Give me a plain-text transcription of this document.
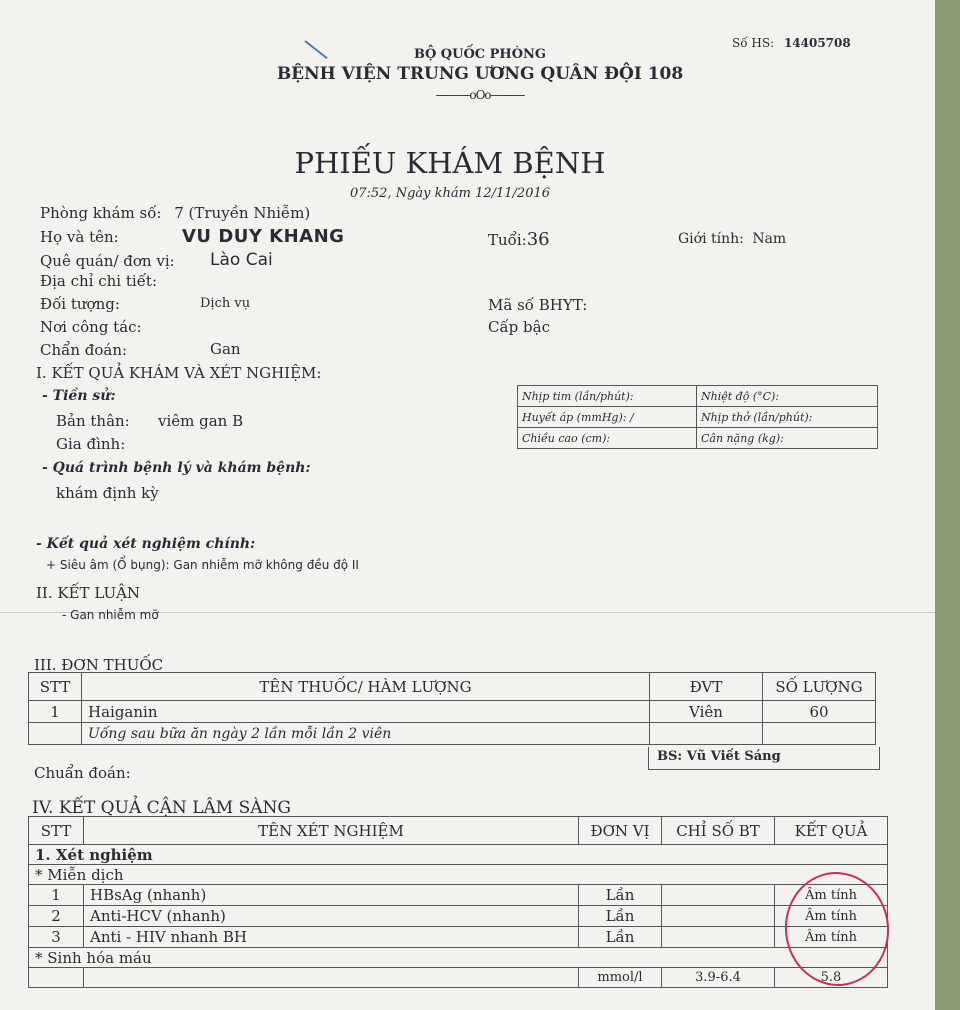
BỘ QUỐC PHÒNG
BỆNH VIỆN TRUNG ƯƠNG QUÂN ĐỘI 108
-----------oOo-----------
Số HS: 14405708
PHIẾU KHÁM BỆNH
07:52, Ngày khám 12/11/2016
Phòng khám số: 7 (Truyền Nhiễm)
Họ và tên:	VU DUY KHANG	Tuổi:36	Giới tính: Nam
Quê quán/ đơn vị: Lào Cai
Địa chỉ chi tiết:
Đối tượng:	Dịch vụ	Mã số BHYT:
Nơi công tác:	Cấp bậc
Chẩn đoán:	Gan
I. KẾT QUẢ KHÁM VÀ XÉT NGHIỆM:
- Tiền sử:
Bản thân: viêm gan B
Gia đình:
- Quá trình bệnh lý và khám bệnh:
khám định kỳ
Nhịp tim (lần/phút):	Nhiệt độ (°C):
Huyết áp (mmHg): /	Nhịp thở (lần/phút):
Chiều cao (cm):	Cân nặng (kg):
- Kết quả xét nghiệm chính:
+ Siêu âm (Ổ bụng): Gan nhiễm mỡ không đều độ II
II. KẾT LUẬN
- Gan nhiễm mỡ
III. ĐƠN THUỐC
STT	TÊN THUỐC/ HÀM LƯỢNG	ĐVT	SỐ LƯỢNG
1	Haiganin	Viên	60
	Uống sau bữa ăn ngày 2 lần mỗi lần 2 viên		
Chuẩn đoán:
BS: Vũ Viết Sáng
IV. KẾT QUẢ CẬN LÂM SÀNG
STT	TÊN XÉT NGHIỆM	ĐƠN VỊ	CHỈ SỐ BT	KẾT QUẢ
1. Xét nghiệm				
* Miễn dịch				
1	HBsAg (nhanh)	Lần		Âm tính
2	Anti-HCV (nhanh)	Lần		Âm tính
3	Anti - HIV nhanh BH	Lần		Âm tính
* Sinh hóa máu				
		mmol/l	3.9-6.4	5.8
